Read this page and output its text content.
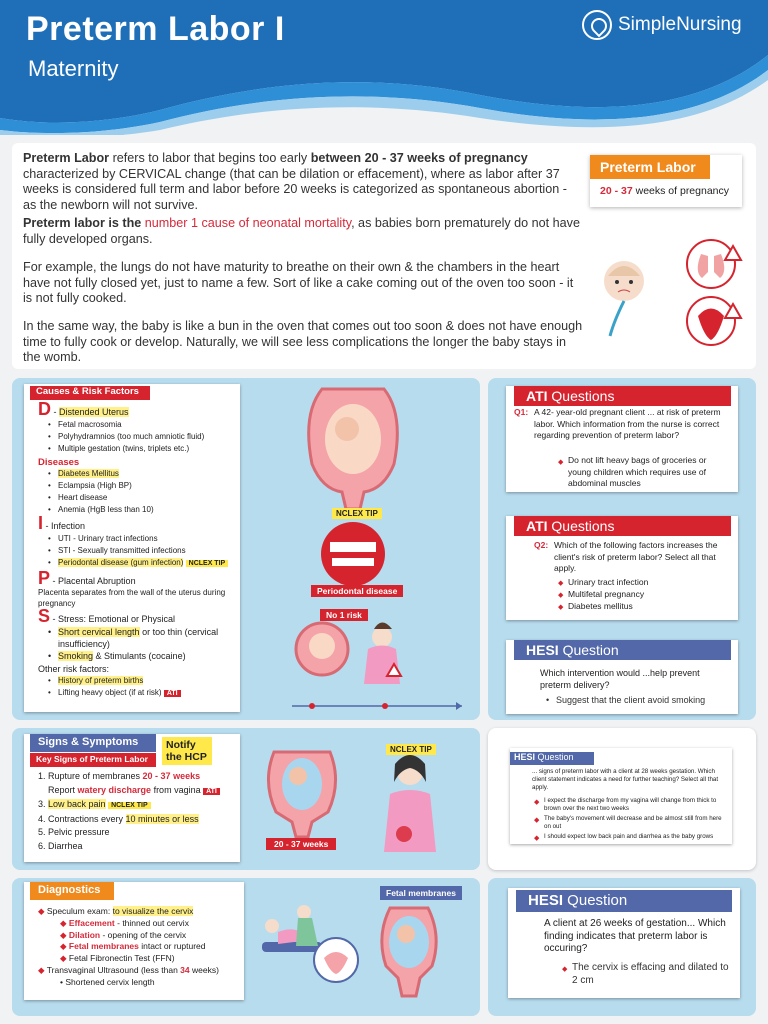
Preterm Labor I
Maternity
SimpleNursing

Preterm Labor refers to labor that begins too early between 20 - 37 weeks of pregnancy characterized by CERVICAL change (that can be dilation or effacement), where as labor after 37 weeks is considered full term and labor before 20 weeks is categorized as spontaneous abortion - as the newborn will not survive.

Preterm labor is the number 1 cause of neonatal mortality, as babies born prematurely do not have fully developed organs.

For example, the lungs do not have maturity to breathe on their own & the chambers in the heart have not fully closed yet, just to name a few. Sort of like a cake coming out of the oven too soon - it is not fully cooked.

In the same way, the baby is like a bun in the oven that comes out too soon & does not have enough time to fully cook or develop. Naturally, we will see less complications the longer the baby stays in the womb.

Preterm Labor
20 - 37 weeks of pregnancy
Causes & Risk Factors
D - Distended Uterus
• Fetal macrosomia
• Polyhydramnios (too much amniotic fluid)
• Multiple gestation (twins, triplets etc.)
Diseases
• Diabetes Mellitus
• Eclampsia (High BP)
• Heart disease
• Anemia (HgB less than 10)
I - Infection
• UTI - Urinary tract infections
• STI - Sexually transmitted infections
• Periodontal disease (gum infection) NCLEX TIP
P - Placental Abruption
Placenta separates from the wall of the uterus during pregnancy
S - Stress: Emotional or Physical
• Short cervical length or too thin (cervical insufficiency)
• Smoking & Stimulants (cocaine)
Other risk factors:
• History of preterm births
• Lifting heavy object (if at risk) ATI
NCLEX TIP
Periodontal disease
No 1 risk
ATI Questions
Q1: A 42- year-old pregnant client ... at risk of preterm labor. Which information from the nurse is correct regarding prevention of preterm labor?
◆ Do not lift heavy bags of groceries or young children which requires use of abdominal muscles
ATI Questions
Q2: Which of the following factors increases the client's risk of preterm labor? Select all that apply.
◆ Urinary tract infection
◆ Multifetal pregnancy
◆ Diabetes mellitus
HESI Question
Which intervention would ...help prevent preterm delivery?
• Suggest that the client avoid smoking
Signs & Symptoms
Key Signs of Preterm Labor
Notify the HCP
1. Rupture of membranes 20 - 37 weeks
Report watery discharge from vagina ATI
3. Low back pain NCLEX TIP
4. Contractions every 10 minutes or less
5. Pelvic pressure
6. Diarrhea	20 - 37 weeks
NCLEX TIP
HESI Question
... signs of preterm labor with a client at 28 weeks gestation. Which client statement indicates a need for further teaching? Select all that apply.
◆ I expect the discharge from my vagina will change from thick to brown over the next two weeks
◆ The baby's movement will decrease and be almost still from here on out
◆ I should expect low back pain and diarrhea as the baby grows
Diagnostics
◆ Speculum exam: to visualize the cervix
◆ Effacement - thinned out cervix
◆ Dilation - opening of the cervix
◆ Fetal membranes intact or ruptured
◆ Fetal Fibronectin Test (FFN)
◆ Transvaginal Ultrasound (less than 34 weeks)
• Shortened cervix length
Fetal membranes	HESI Question
A client at 26 weeks of gestation... Which finding indicates that preterm labor is occuring?
◆ The cervix is effacing and dilated to 2 cm
